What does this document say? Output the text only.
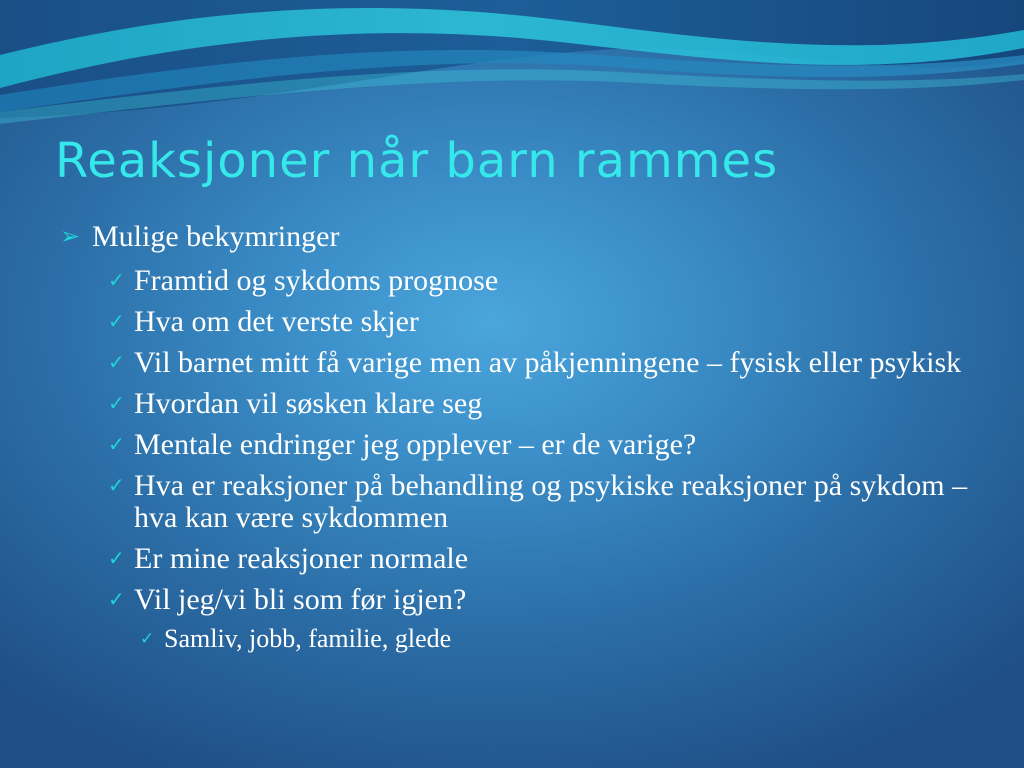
Reaksjoner når barn rammes
➢ Mulige bekymringer
✓ Framtid og sykdoms prognose
✓ Hva om det verste skjer
✓ Vil barnet mitt få varige men av påkjenningene – fysisk eller psykisk
✓ Hvordan vil søsken klare seg
✓ Mentale endringer jeg opplever – er de varige?
✓ Hva er reaksjoner på behandling og psykiske reaksjoner på sykdom – hva kan være sykdommen
✓ Er mine reaksjoner normale
✓ Vil jeg/vi bli som før igjen?
✓ Samliv, jobb, familie, glede
